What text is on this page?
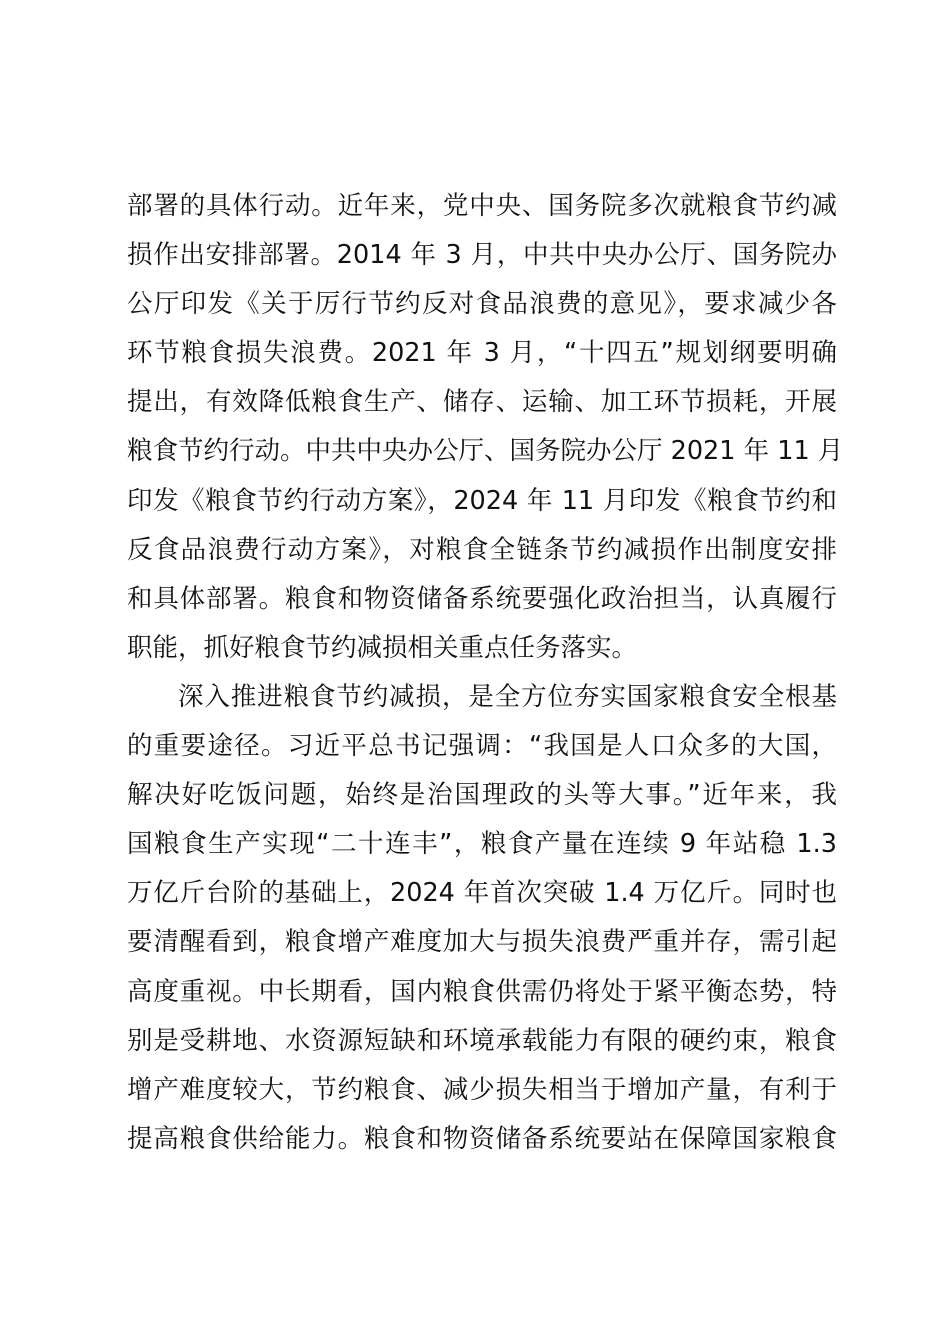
部署的具体行动。近年来，党中央、国务院多次就粮食节约减
损作出安排部署。2014 年 3 月，中共中央办公厅、国务院办
公厅印发《关于厉行节约反对食品浪费的意见》，要求减少各
环节粮食损失浪费。2021 年 3 月，“十四五”规划纲要明确
提出，有效降低粮食生产、储存、运输、加工环节损耗，开展
粮食节约行动。中共中央办公厅、国务院办公厅 2021 年 11 月
印发《粮食节约行动方案》，2024 年 11 月印发《粮食节约和
反食品浪费行动方案》，对粮食全链条节约减损作出制度安排
和具体部署。粮食和物资储备系统要强化政治担当，认真履行
职能，抓好粮食节约减损相关重点任务落实。
深入推进粮食节约减损，是全方位夯实国家粮食安全根基
的重要途径。习近平总书记强调：“我国是人口众多的大国，
解决好吃饭问题，始终是治国理政的头等大事。”近年来，我
国粮食生产实现“二十连丰”，粮食产量在连续 9 年站稳 1.3
万亿斤台阶的基础上，2024 年首次突破 1.4 万亿斤。同时也
要清醒看到，粮食增产难度加大与损失浪费严重并存，需引起
高度重视。中长期看，国内粮食供需仍将处于紧平衡态势，特
别是受耕地、水资源短缺和环境承载能力有限的硬约束，粮食
增产难度较大，节约粮食、减少损失相当于增加产量，有利于
提高粮食供给能力。粮食和物资储备系统要站在保障国家粮食
